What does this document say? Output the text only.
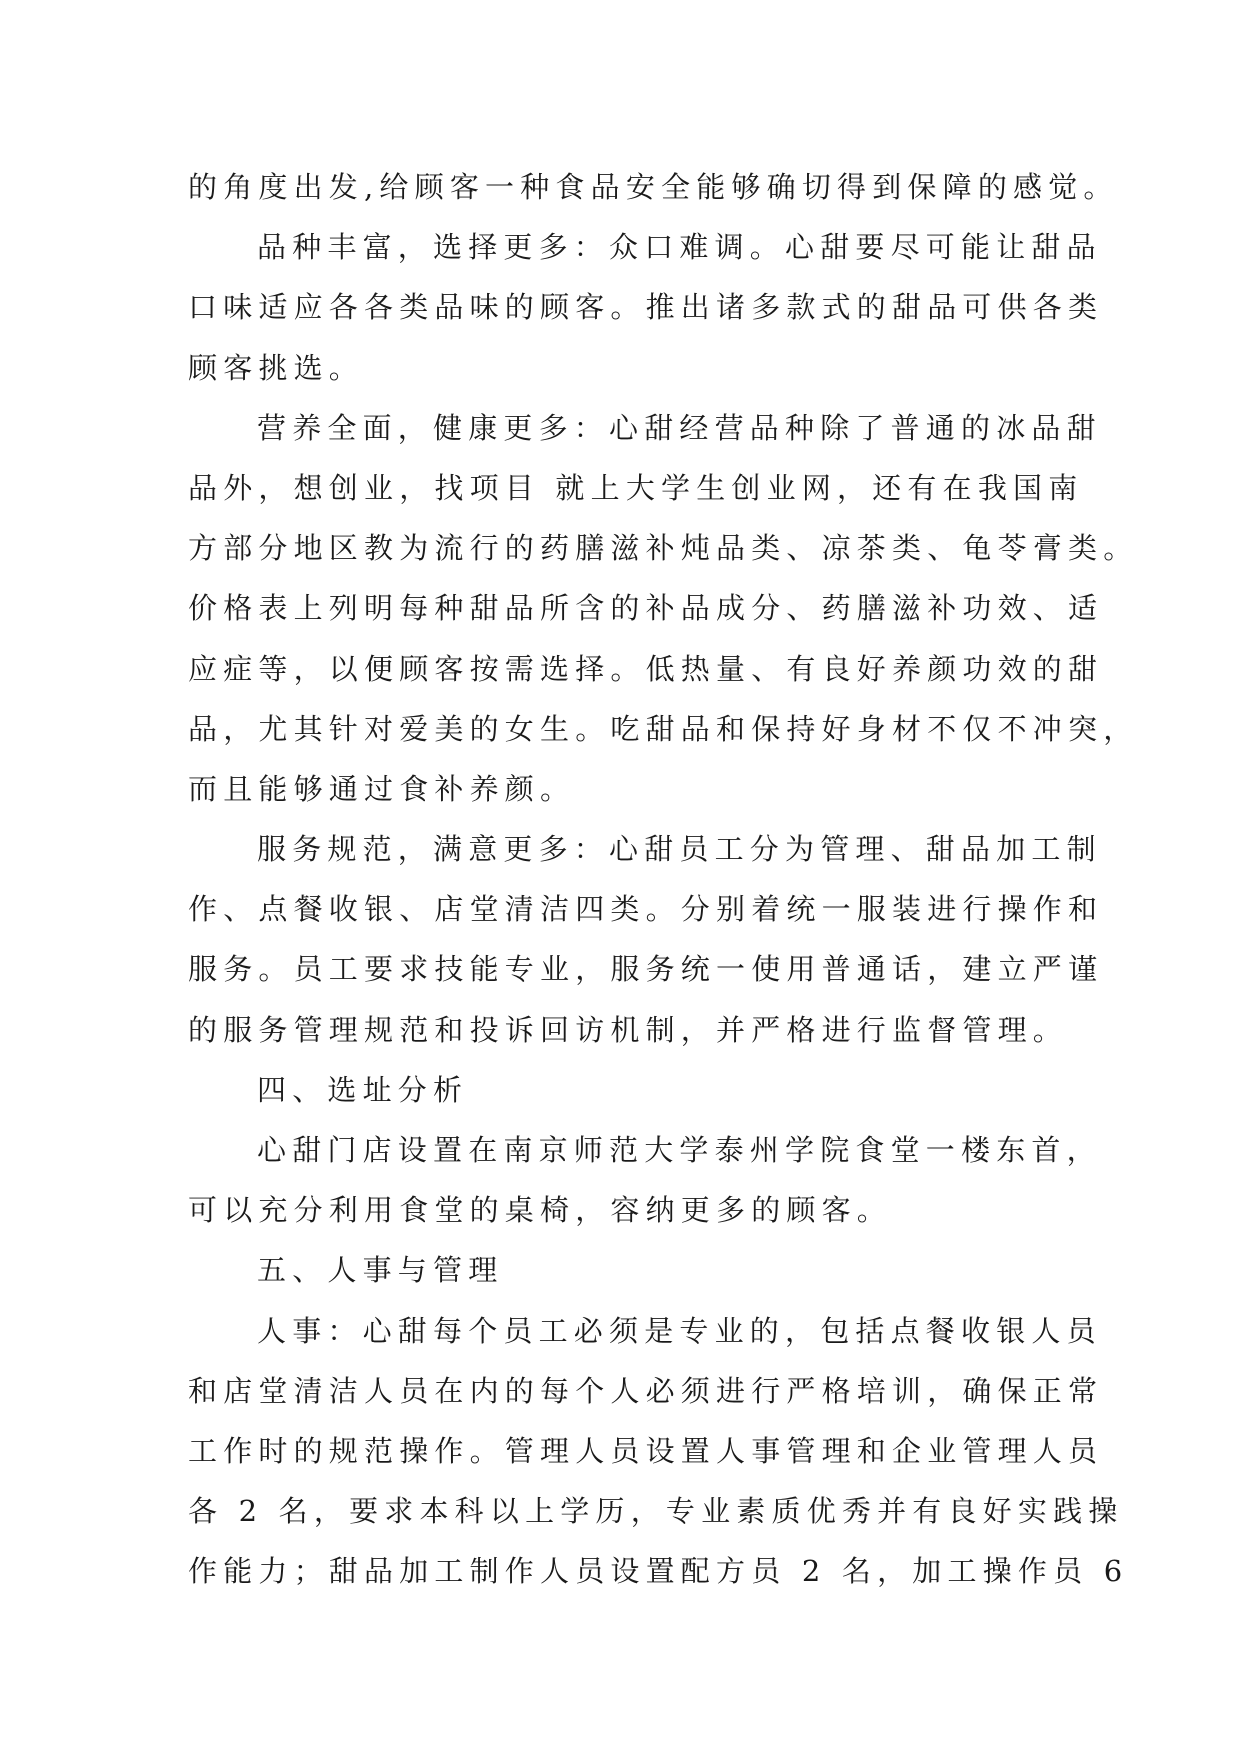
的角度出发,给顾客一种食品安全能够确切得到保障的感觉。
品种丰富，选择更多：众口难调。心甜要尽可能让甜品
口味适应各各类品味的顾客。推出诸多款式的甜品可供各类
顾客挑选。
营养全面，健康更多：心甜经营品种除了普通的冰品甜
品外，想创业，找项目 就上大学生创业网，还有在我国南
方部分地区教为流行的药膳滋补炖品类、凉茶类、龟苓膏类。
价格表上列明每种甜品所含的补品成分、药膳滋补功效、适
应症等，以便顾客按需选择。低热量、有良好养颜功效的甜
品，尤其针对爱美的女生。吃甜品和保持好身材不仅不冲突，
而且能够通过食补养颜。
服务规范，满意更多：心甜员工分为管理、甜品加工制
作、点餐收银、店堂清洁四类。分别着统一服装进行操作和
服务。员工要求技能专业，服务统一使用普通话，建立严谨
的服务管理规范和投诉回访机制，并严格进行监督管理。
四、选址分析
心甜门店设置在南京师范大学泰州学院食堂一楼东首，
可以充分利用食堂的桌椅，容纳更多的顾客。
五、人事与管理
人事：心甜每个员工必须是专业的，包括点餐收银人员
和店堂清洁人员在内的每个人必须进行严格培训，确保正常
工作时的规范操作。管理人员设置人事管理和企业管理人员
各 2 名，要求本科以上学历，专业素质优秀并有良好实践操
作能力；甜品加工制作人员设置配方员 2 名，加工操作员 6
